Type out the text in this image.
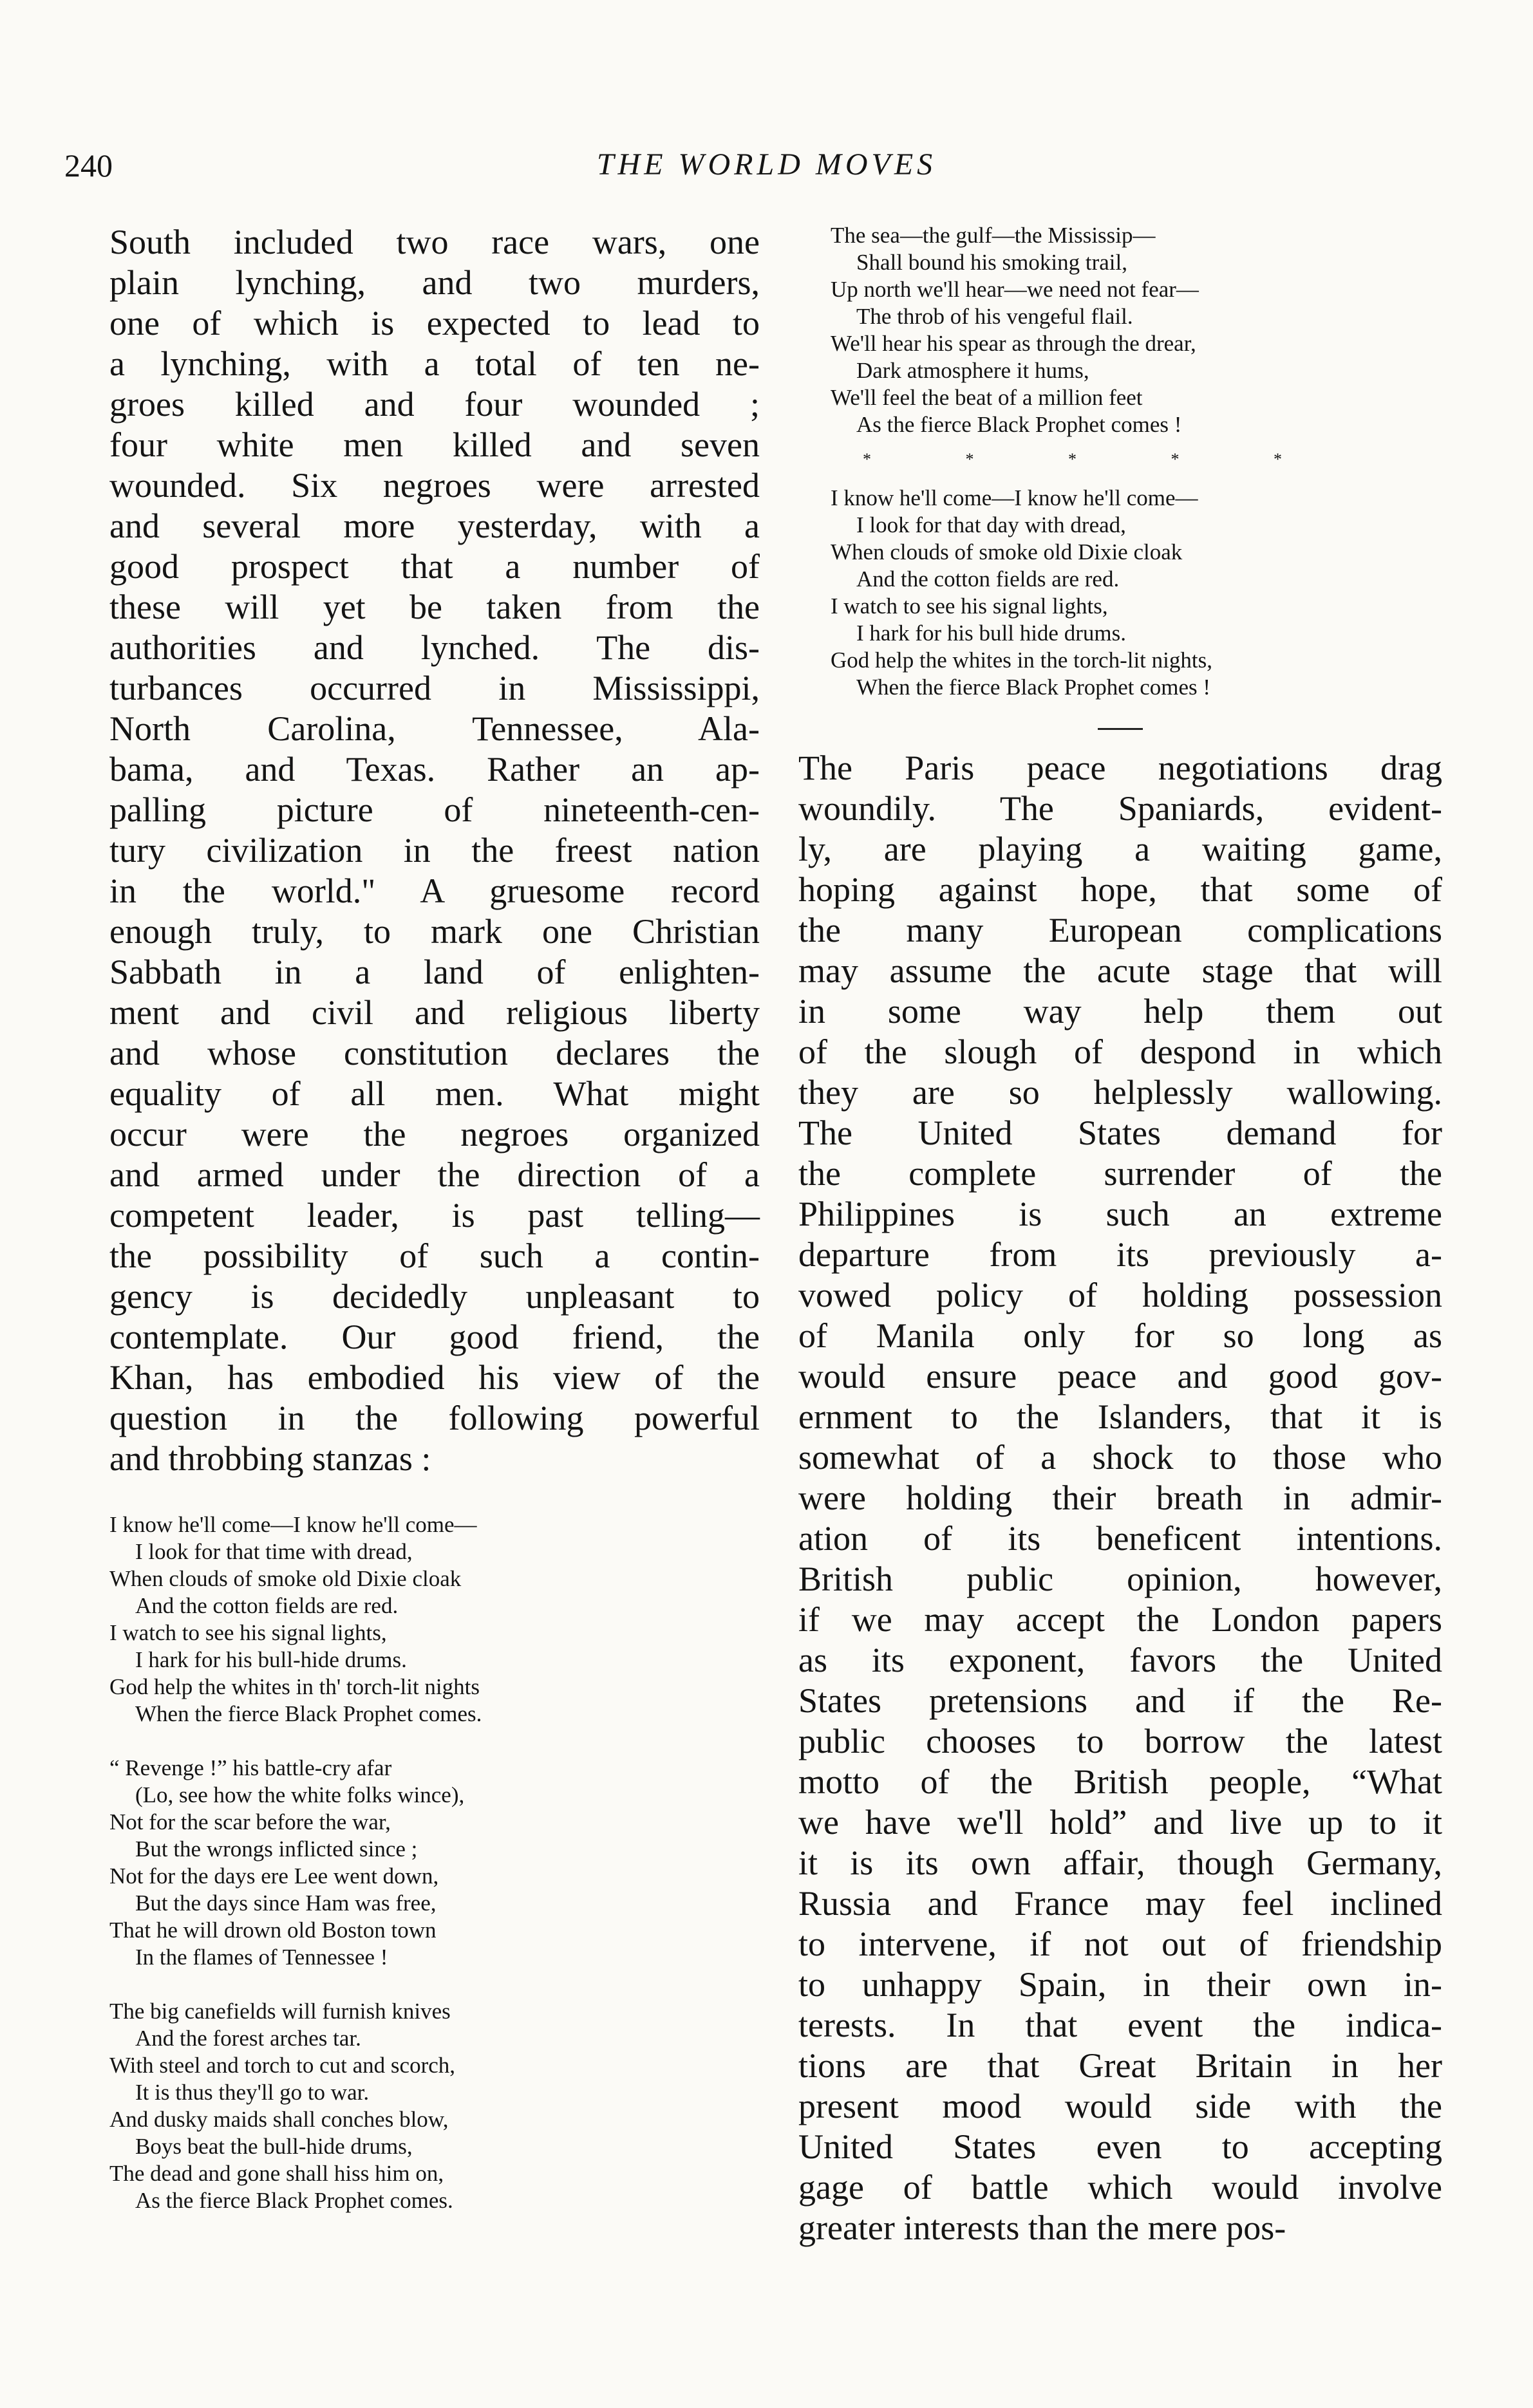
240	THE WORLD MOVES

South included two race wars, one
plain lynching, and two murders,
one of which is expected to lead to
a lynching, with a total of ten ne-
groes killed and four wounded ;
four white men killed and seven
wounded. Six negroes were arrested
and several more yesterday, with a
good prospect that a number of
these will yet be taken from the
authorities and lynched. The dis-
turbances occurred in Mississippi,
North Carolina, Tennessee, Ala-
bama, and Texas. Rather an ap-
palling picture of nineteenth-cen-
tury civilization in the freest nation
in the world." A gruesome record
enough truly, to mark one Christian
Sabbath in a land of enlighten-
ment and civil and religious liberty
and whose constitution declares the
equality of all men. What might
occur were the negroes organized
and armed under the direction of a
competent leader, is past telling—
the possibility of such a contin-
gency is decidedly unpleasant to
contemplate. Our good friend, the
Khan, has embodied his view of the
question in the following powerful
and throbbing stanzas :

I know he'll come—I know he'll come—
I look for that time with dread,
When clouds of smoke old Dixie cloak
And the cotton fields are red.
I watch to see his signal lights,
I hark for his bull-hide drums.
God help the whites in th' torch-lit nights
When the fierce Black Prophet comes.
“ Revenge !” his battle-cry afar
(Lo, see how the white folks wince),
Not for the scar before the war,
But the wrongs inflicted since ;
Not for the days ere Lee went down,
But the days since Ham was free,
That he will drown old Boston town
In the flames of Tennessee !
The big canefields will furnish knives
And the forest arches tar.
With steel and torch to cut and scorch,
It is thus they'll go to war.
And dusky maids shall conches blow,
Boys beat the bull-hide drums,
The dead and gone shall hiss him on,
As the fierce Black Prophet comes.
The sea—the gulf—the Mississip—
Shall bound his smoking trail,
Up north we'll hear—we need not fear—
The throb of his vengeful flail.
We'll hear his spear as through the drear,
Dark atmosphere it hums,
We'll feel the beat of a million feet
As the fierce Black Prophet comes !
* * * * *
I know he'll come—I know he'll come—
I look for that day with dread,
When clouds of smoke old Dixie cloak
And the cotton fields are red.
I watch to see his signal lights,
I hark for his bull hide drums.
God help the whites in the torch-lit nights,
When the fierce Black Prophet comes !

The Paris peace negotiations drag
woundily. The Spaniards, evident-
ly, are playing a waiting game,
hoping against hope, that some of
the many European complications
may assume the acute stage that will
in some way help them out
of the slough of despond in which
they are so helplessly wallowing.
The United States demand for
the complete surrender of the
Philippines is such an extreme
departure from its previously a-
vowed policy of holding possession
of Manila only for so long as
would ensure peace and good gov-
ernment to the Islanders, that it is
somewhat of a shock to those who
were holding their breath in admir-
ation of its beneficent intentions.
British public opinion, however,
if we may accept the London papers
as its exponent, favors the United
States pretensions and if the Re-
public chooses to borrow the latest
motto of the British people, “What
we have we'll hold” and live up to it
it is its own affair, though Germany,
Russia and France may feel inclined
to intervene, if not out of friendship
to unhappy Spain, in their own in-
terests. In that event the indica-
tions are that Great Britain in her
present mood would side with the
United States even to accepting
gage of battle which would involve
greater interests than the mere pos-
